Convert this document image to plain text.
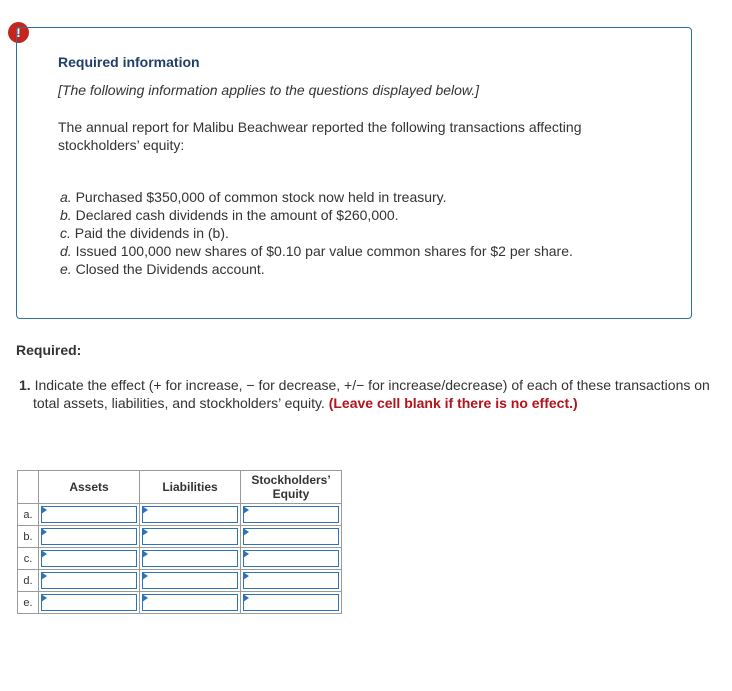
!
Required information
[The following information applies to the questions displayed below.]
The annual report for Malibu Beachwear reported the following transactions affecting stockholders’ equity:
a. Purchased $350,000 of common stock now held in treasury.
b. Declared cash dividends in the amount of $260,000.
c. Paid the dividends in (b).
d. Issued 100,000 new shares of $0.10 par value common shares for $2 per share.
e. Closed the Dividends account.
Required:
1. Indicate the effect (+ for increase, − for decrease, +/− for increase/decrease) of each of these transactions on total assets, liabilities, and stockholders’ equity. (Leave cell blank if there is no effect.)
	Assets	Liabilities	Stockholders’ Equity
a.	

b.	

c.	

d.	

e.	
